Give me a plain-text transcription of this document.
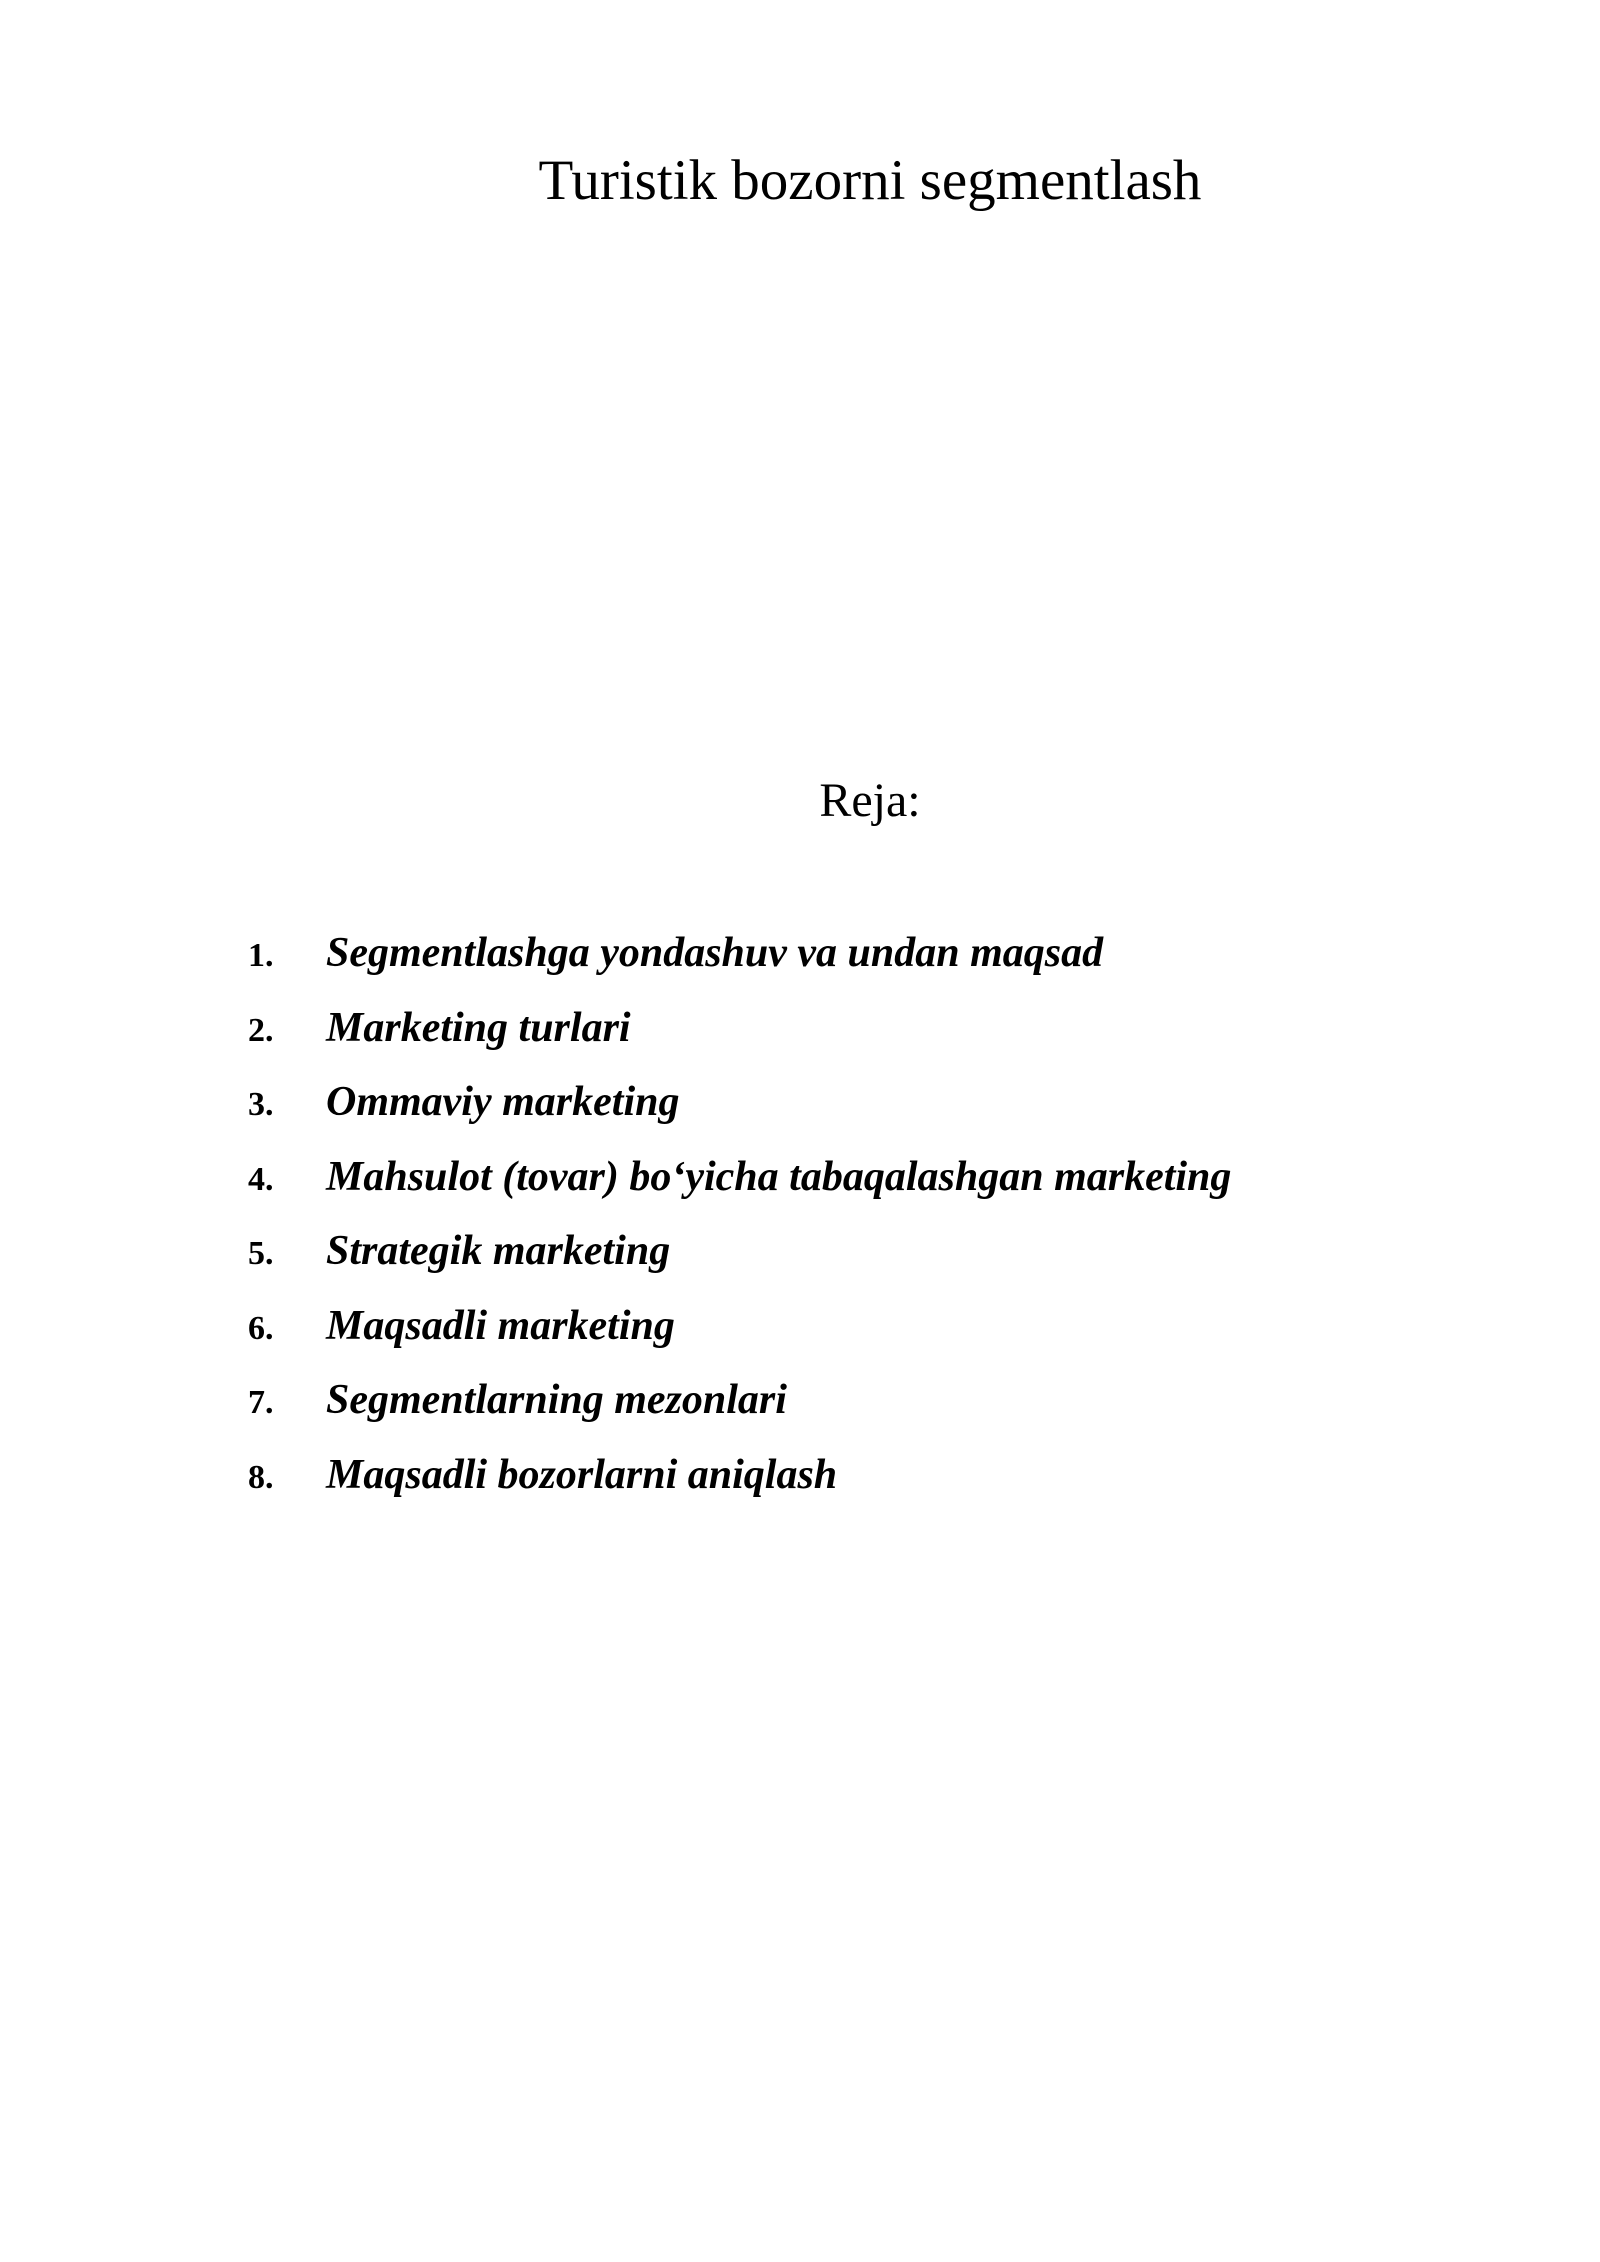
Turistik bozorni segmentlash
Reja:
1.	Segmentlashga yondashuv va undan maqsad
2.	Marketing turlari
3.	Ommaviy marketing
4.	Mahsulot (tovar) bo‘yicha tabaqalashgan marketing
5.	Strategik marketing
6.	Maqsadli marketing
7.	Segmentlarning mezonlari
8.	Maqsadli bozorlarni aniqlash
